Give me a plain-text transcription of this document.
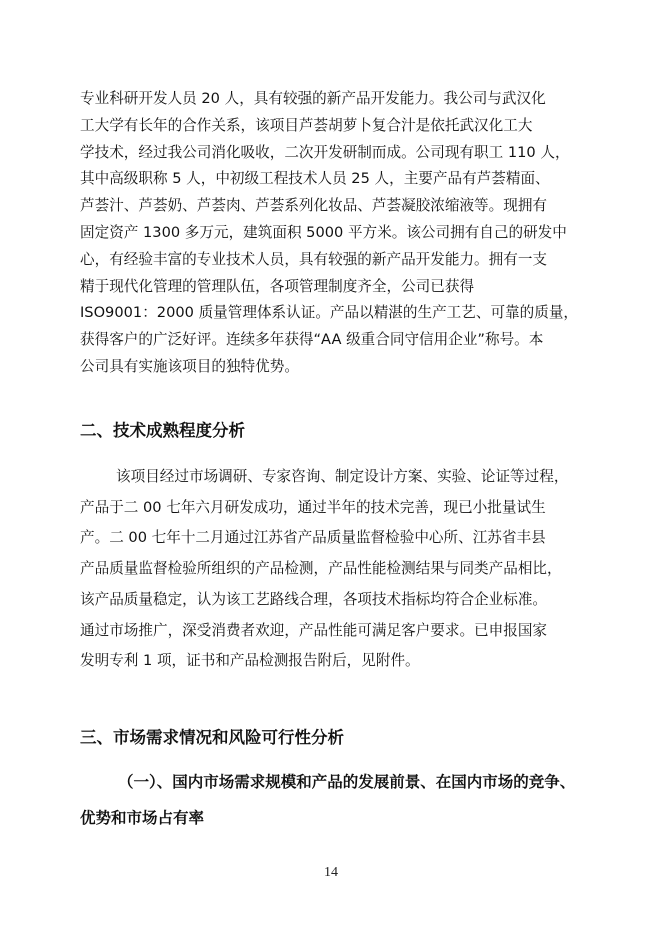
专业科研开发人员 20 人，具有较强的新产品开发能力。我公司与武汉化
工大学有长年的合作关系，该项目芦荟胡萝卜复合汁是依托武汉化工大
学技术，经过我公司消化吸收，二次开发研制而成。公司现有职工 110 人，
其中高级职称 5 人，中初级工程技术人员 25 人，主要产品有芦荟精面、
芦荟汁、芦荟奶、芦荟肉、芦荟系列化妆品、芦荟凝胶浓缩液等。现拥有
固定资产 1300 多万元，建筑面积 5000 平方米。该公司拥有自己的研发中
心，有经验丰富的专业技术人员，具有较强的新产品开发能力。拥有一支
精于现代化管理的管理队伍，各项管理制度齐全，公司已获得
ISO9001：2000 质量管理体系认证。产品以精湛的生产工艺、可靠的质量，
获得客户的广泛好评。连续多年获得“AA 级重合同守信用企业”称号。本
公司具有实施该项目的独特优势。
二、技术成熟程度分析
该项目经过市场调研、专家咨询、制定设计方案、实验、论证等过程，
产品于二 00 七年六月研发成功，通过半年的技术完善，现已小批量试生
产。二 00 七年十二月通过江苏省产品质量监督检验中心所、江苏省丰县
产品质量监督检验所组织的产品检测，产品性能检测结果与同类产品相比，
该产品质量稳定，认为该工艺路线合理，各项技术指标均符合企业标准。
通过市场推广，深受消费者欢迎，产品性能可满足客户要求。已申报国家
发明专利 1 项，证书和产品检测报告附后，见附件。
三、市场需求情况和风险可行性分析
（一）、国内市场需求规模和产品的发展前景、在国内市场的竞争、
优势和市场占有率
14
